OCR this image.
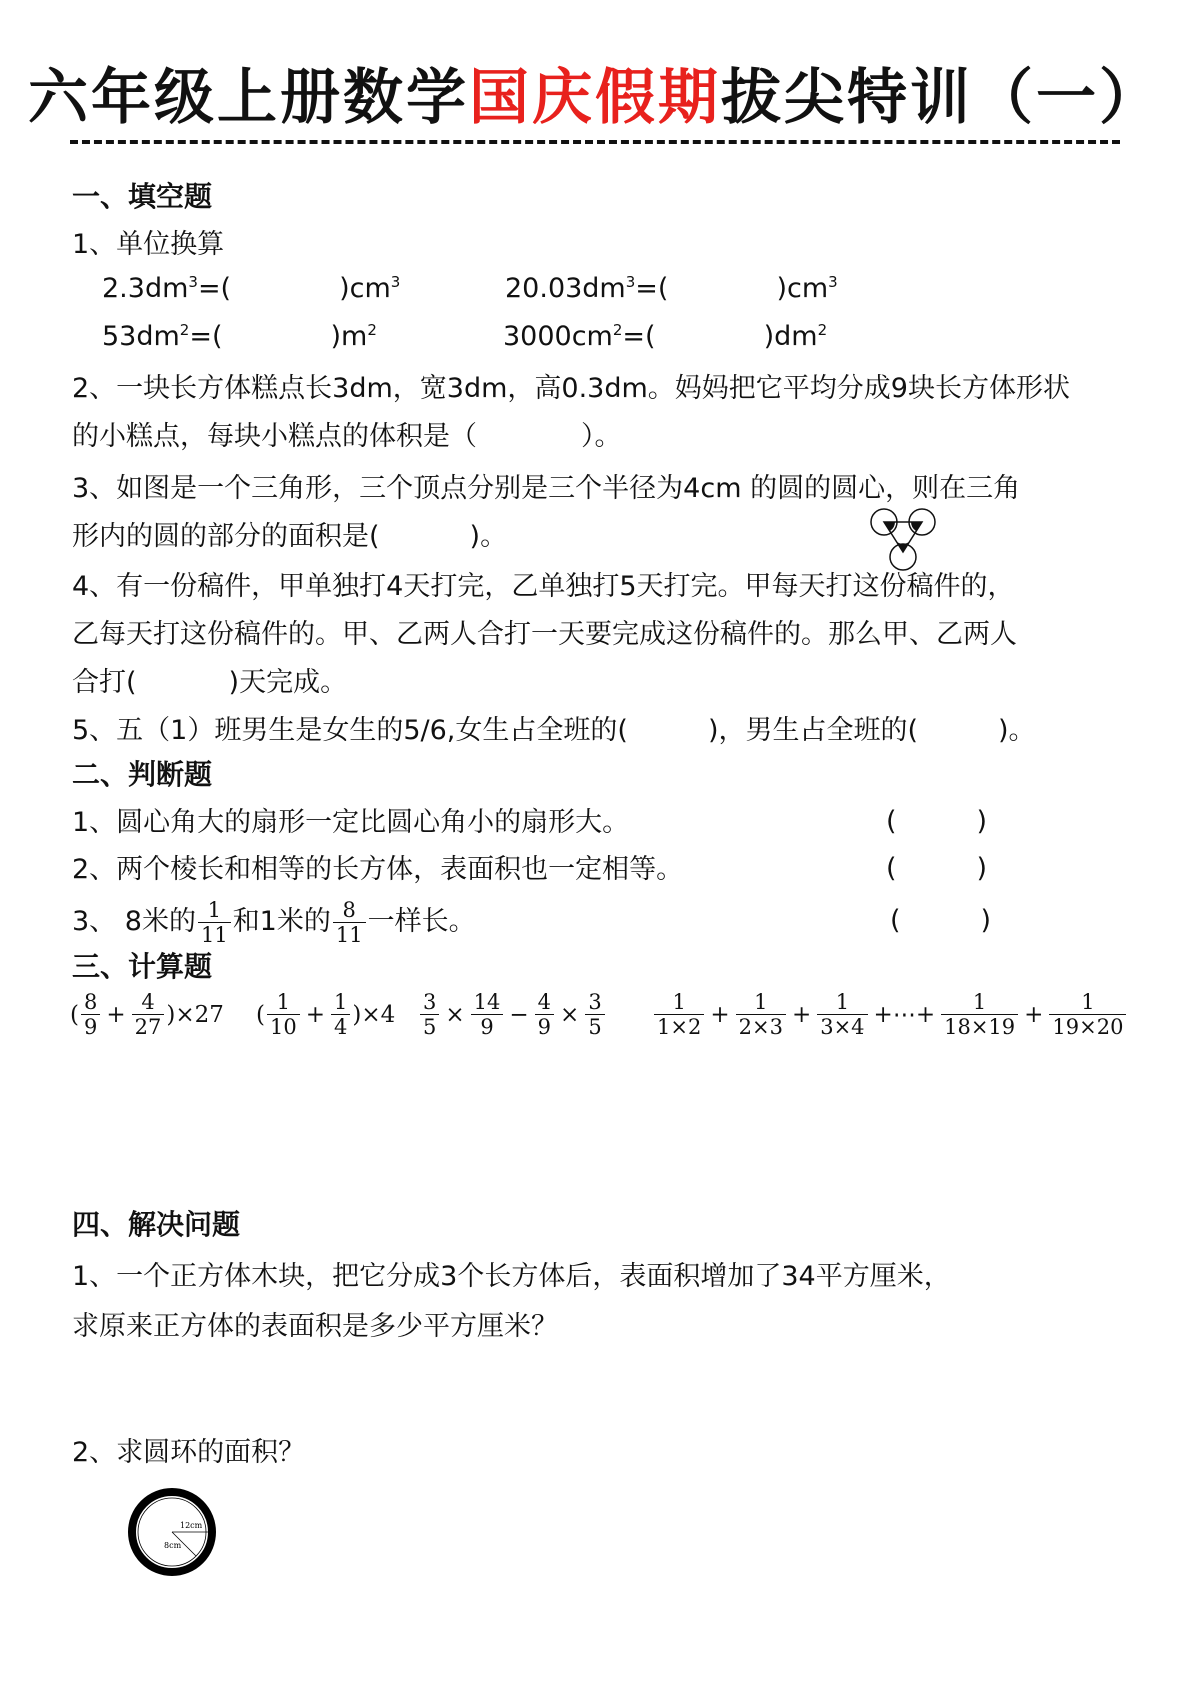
六年级上册数学国庆假期拔尖特训（一）
一、填空题
1、单位换算
$2.3dm^3=$(	)$cm^3$	$20.03dm^3=$(	)$cm^3$
$53dm^2=$(	)$m^2$	$3000cm^2=$(	)$dm^2$
2、一块长方体糕点长3dm，宽3dm，高0.3dm。妈妈把它平均分成9块长方体形状
的小糕点，每块小糕点的体积是（	）。
3、如图是一个三角形，三个顶点分别是三个半径为4cm 的圆的圆心，则在三角
形内的圆的部分的面积是(	)。
4、有一份稿件，甲单独打4天打完，乙单独打5天打完。甲每天打这份稿件的，
乙每天打这份稿件的。甲、乙两人合打一天要完成这份稿件的。那么甲、乙两人
合打(	)天完成。
5、五（1）班男生是女生的5/6,女生占全班的(	)，男生占全班的(	)。
二、判断题
1、圆心角大的扇形一定比圆心角小的扇形大。	(	)
2、两个棱长和相等的长方体，表面积也一定相等。	(	)
3、 8米的 $\frac{1}{11}$ 和1米的 $\frac{8}{11}$ 一样长。	(	)
三、计算题
( $\frac{8}{9} + \frac{4}{27}$ ) ×27 ( $\frac{1}{10} + \frac{1}{4}$ ) $\times 4 \frac{3}{5} \times \frac{14}{9} - \frac{4}{9} \times \frac{3}{5} \frac{1}{1\times 2} + \frac{1}{2\times 3} + \frac{1}{3\times 4}$ +⋯+ $\frac{1}{18\times 19} + \frac{1}{19\times 20}$
四、解决问题
1、一个正方体木块，把它分成3个长方体后，表面积增加了34平方厘米，
求原来正方体的表面积是多少平方厘米？
2、求圆环的面积？
12cm
8cm
